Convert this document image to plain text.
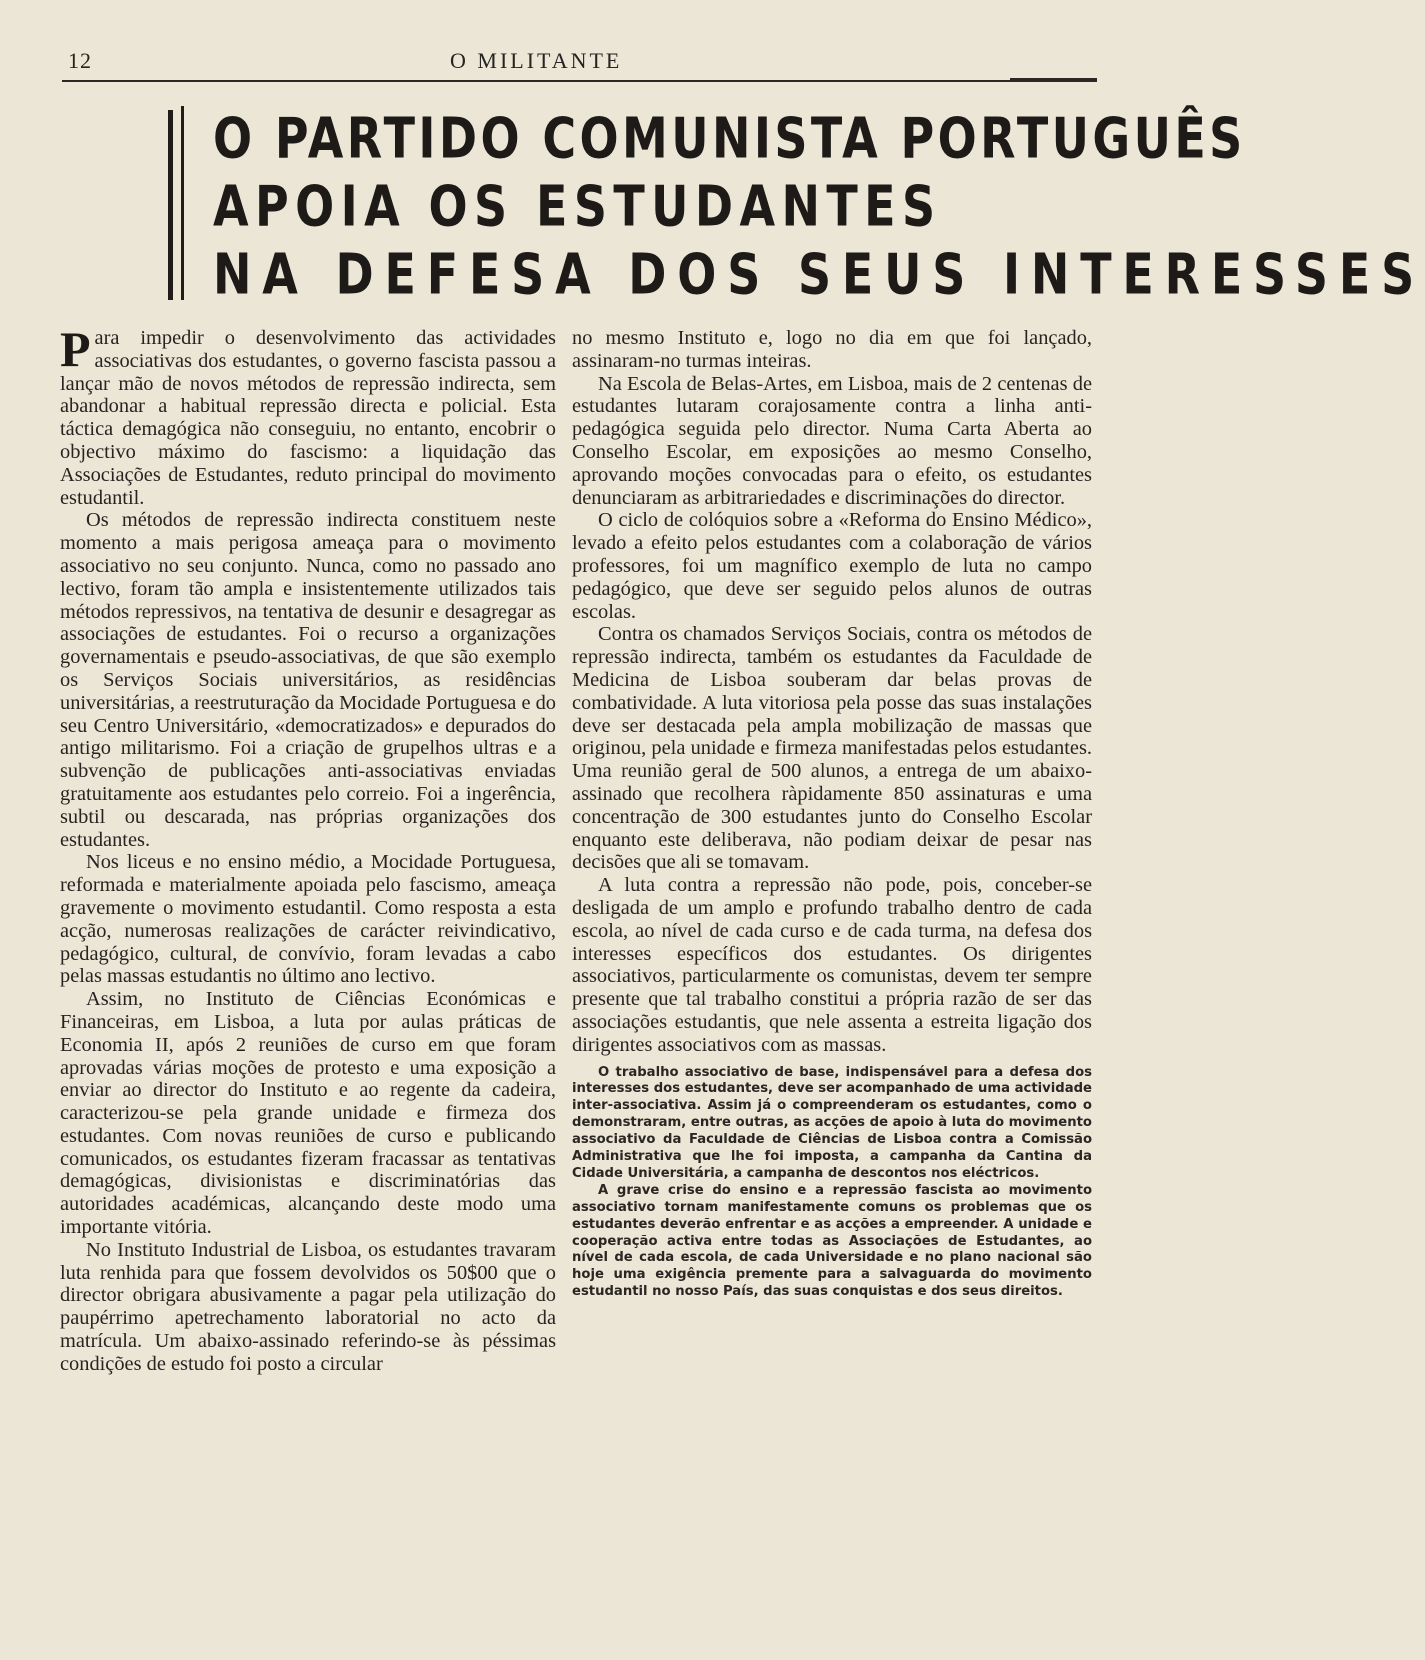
12	O MILITANTE
O PARTIDO COMUNISTA PORTUGUÊS
APOIA OS ESTUDANTES
NA DEFESA DOS SEUS INTERESSES

Para impedir o desenvolvimento das actividades associativas dos estudantes, o governo fascista passou a lançar mão de novos métodos de repressão indirecta, sem abandonar a habitual repressão directa e policial. Esta táctica demagógica não conseguiu, no entanto, encobrir o objectivo máximo do fascismo: a liquidação das Associações de Estudantes, reduto principal do movimento estudantil.

Os métodos de repressão indirecta constituem neste momento a mais perigosa ameaça para o movimento associativo no seu conjunto. Nunca, como no passado ano lectivo, foram tão ampla e insistentemente utilizados tais métodos repressivos, na tentativa de desunir e desagregar as associações de estudantes. Foi o recurso a organizações governamentais e pseudo-associativas, de que são exemplo os Serviços Sociais universitários, as residências universitárias, a reestruturação da Mocidade Portuguesa e do seu Centro Universitário, «democratizados» e depurados do antigo militarismo. Foi a criação de grupelhos ultras e a subvenção de publicações anti-associativas enviadas gratuitamente aos estudantes pelo correio. Foi a ingerência, subtil ou descarada, nas próprias organizações dos estudantes.

Nos liceus e no ensino médio, a Mocidade Portuguesa, reformada e materialmente apoiada pelo fascismo, ameaça gravemente o movimento estudantil. Como resposta a esta acção, numerosas realizações de carácter reivindicativo, pedagógico, cultural, de convívio, foram levadas a cabo pelas massas estudantis no último ano lectivo.

Assim, no Instituto de Ciências Económicas e Financeiras, em Lisboa, a luta por aulas práticas de Economia II, após 2 reuniões de curso em que foram aprovadas várias moções de protesto e uma exposição a enviar ao director do Instituto e ao regente da cadeira, caracterizou-se pela grande unidade e firmeza dos estudantes. Com novas reuniões de curso e publicando comunicados, os estudantes fizeram fracassar as tentativas demagógicas, divisionistas e discriminatórias das autoridades académicas, alcançando deste modo uma importante vitória.

No Instituto Industrial de Lisboa, os estudantes travaram luta renhida para que fossem devolvidos os 50$00 que o director obrigara abusivamente a pagar pela utilização do paupérrimo apetrechamento laboratorial no acto da matrícula. Um abaixo-assinado referindo-se às péssimas condições de estudo foi posto a circular

no mesmo Instituto e, logo no dia em que foi lançado, assinaram-no turmas inteiras.

Na Escola de Belas-Artes, em Lisboa, mais de 2 centenas de estudantes lutaram corajosamente contra a linha anti-pedagógica seguida pelo director. Numa Carta Aberta ao Conselho Escolar, em exposições ao mesmo Conselho, aprovando moções convocadas para o efeito, os estudantes denunciaram as arbitrariedades e discriminações do director.

O ciclo de colóquios sobre a «Reforma do Ensino Médico», levado a efeito pelos estudantes com a colaboração de vários professores, foi um magnífico exemplo de luta no campo pedagógico, que deve ser seguido pelos alunos de outras escolas.

Contra os chamados Serviços Sociais, contra os métodos de repressão indirecta, também os estudantes da Faculdade de Medicina de Lisboa souberam dar belas provas de combatividade. A luta vitoriosa pela posse das suas instalações deve ser destacada pela ampla mobilização de massas que originou, pela unidade e firmeza manifestadas pelos estudantes. Uma reunião geral de 500 alunos, a entrega de um abaixo-assinado que recolhera ràpidamente 850 assinaturas e uma concentração de 300 estudantes junto do Conselho Escolar enquanto este deliberava, não podiam deixar de pesar nas decisões que ali se tomavam.

A luta contra a repressão não pode, pois, conceber-se desligada de um amplo e profundo trabalho dentro de cada escola, ao nível de cada curso e de cada turma, na defesa dos interesses específicos dos estudantes. Os dirigentes associativos, particularmente os comunistas, devem ter sempre presente que tal trabalho constitui a própria razão de ser das associações estudantis, que nele assenta a estreita ligação dos dirigentes associativos com as massas.

O trabalho associativo de base, indispensável para a defesa dos interesses dos estudantes, deve ser acompanhado de uma actividade inter-associativa. Assim já o compreenderam os estudantes, como o demonstraram, entre outras, as acções de apoio à luta do movimento associativo da Faculdade de Ciências de Lisboa contra a Comissão Administrativa que lhe foi imposta, a campanha da Cantina da Cidade Universitária, a campanha de descontos nos eléctricos.

A grave crise do ensino e a repressão fascista ao movimento associativo tornam manifestamente comuns os problemas que os estudantes deverão enfrentar e as acções a empreender. A unidade e cooperação activa entre todas as Associações de Estudantes, ao nível de cada escola, de cada Universidade e no plano nacional são hoje uma exigência premente para a salvaguarda do movimento estudantil no nosso País, das suas conquistas e dos seus direitos.
